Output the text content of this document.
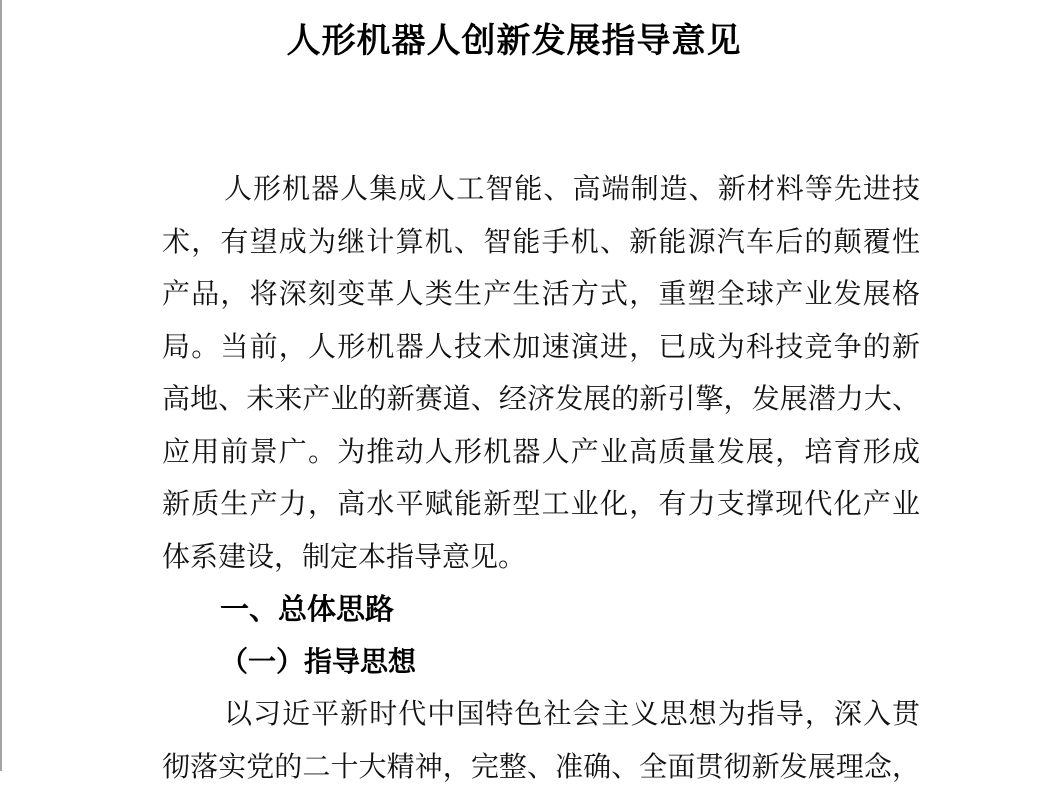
人形机器人创新发展指导意见
人形机器人集成人工智能、高端制造、新材料等先进技
术，有望成为继计算机、智能手机、新能源汽车后的颠覆性
产品，将深刻变革人类生产生活方式，重塑全球产业发展格
局。当前，人形机器人技术加速演进，已成为科技竞争的新
高地、未来产业的新赛道、经济发展的新引擎，发展潜力大、
应用前景广。为推动人形机器人产业高质量发展，培育形成
新质生产力，高水平赋能新型工业化，有力支撑现代化产业
体系建设，制定本指导意见。
一、总体思路
（一）指导思想
以习近平新时代中国特色社会主义思想为指导，深入贯
彻落实党的二十大精神，完整、准确、全面贯彻新发展理念，
